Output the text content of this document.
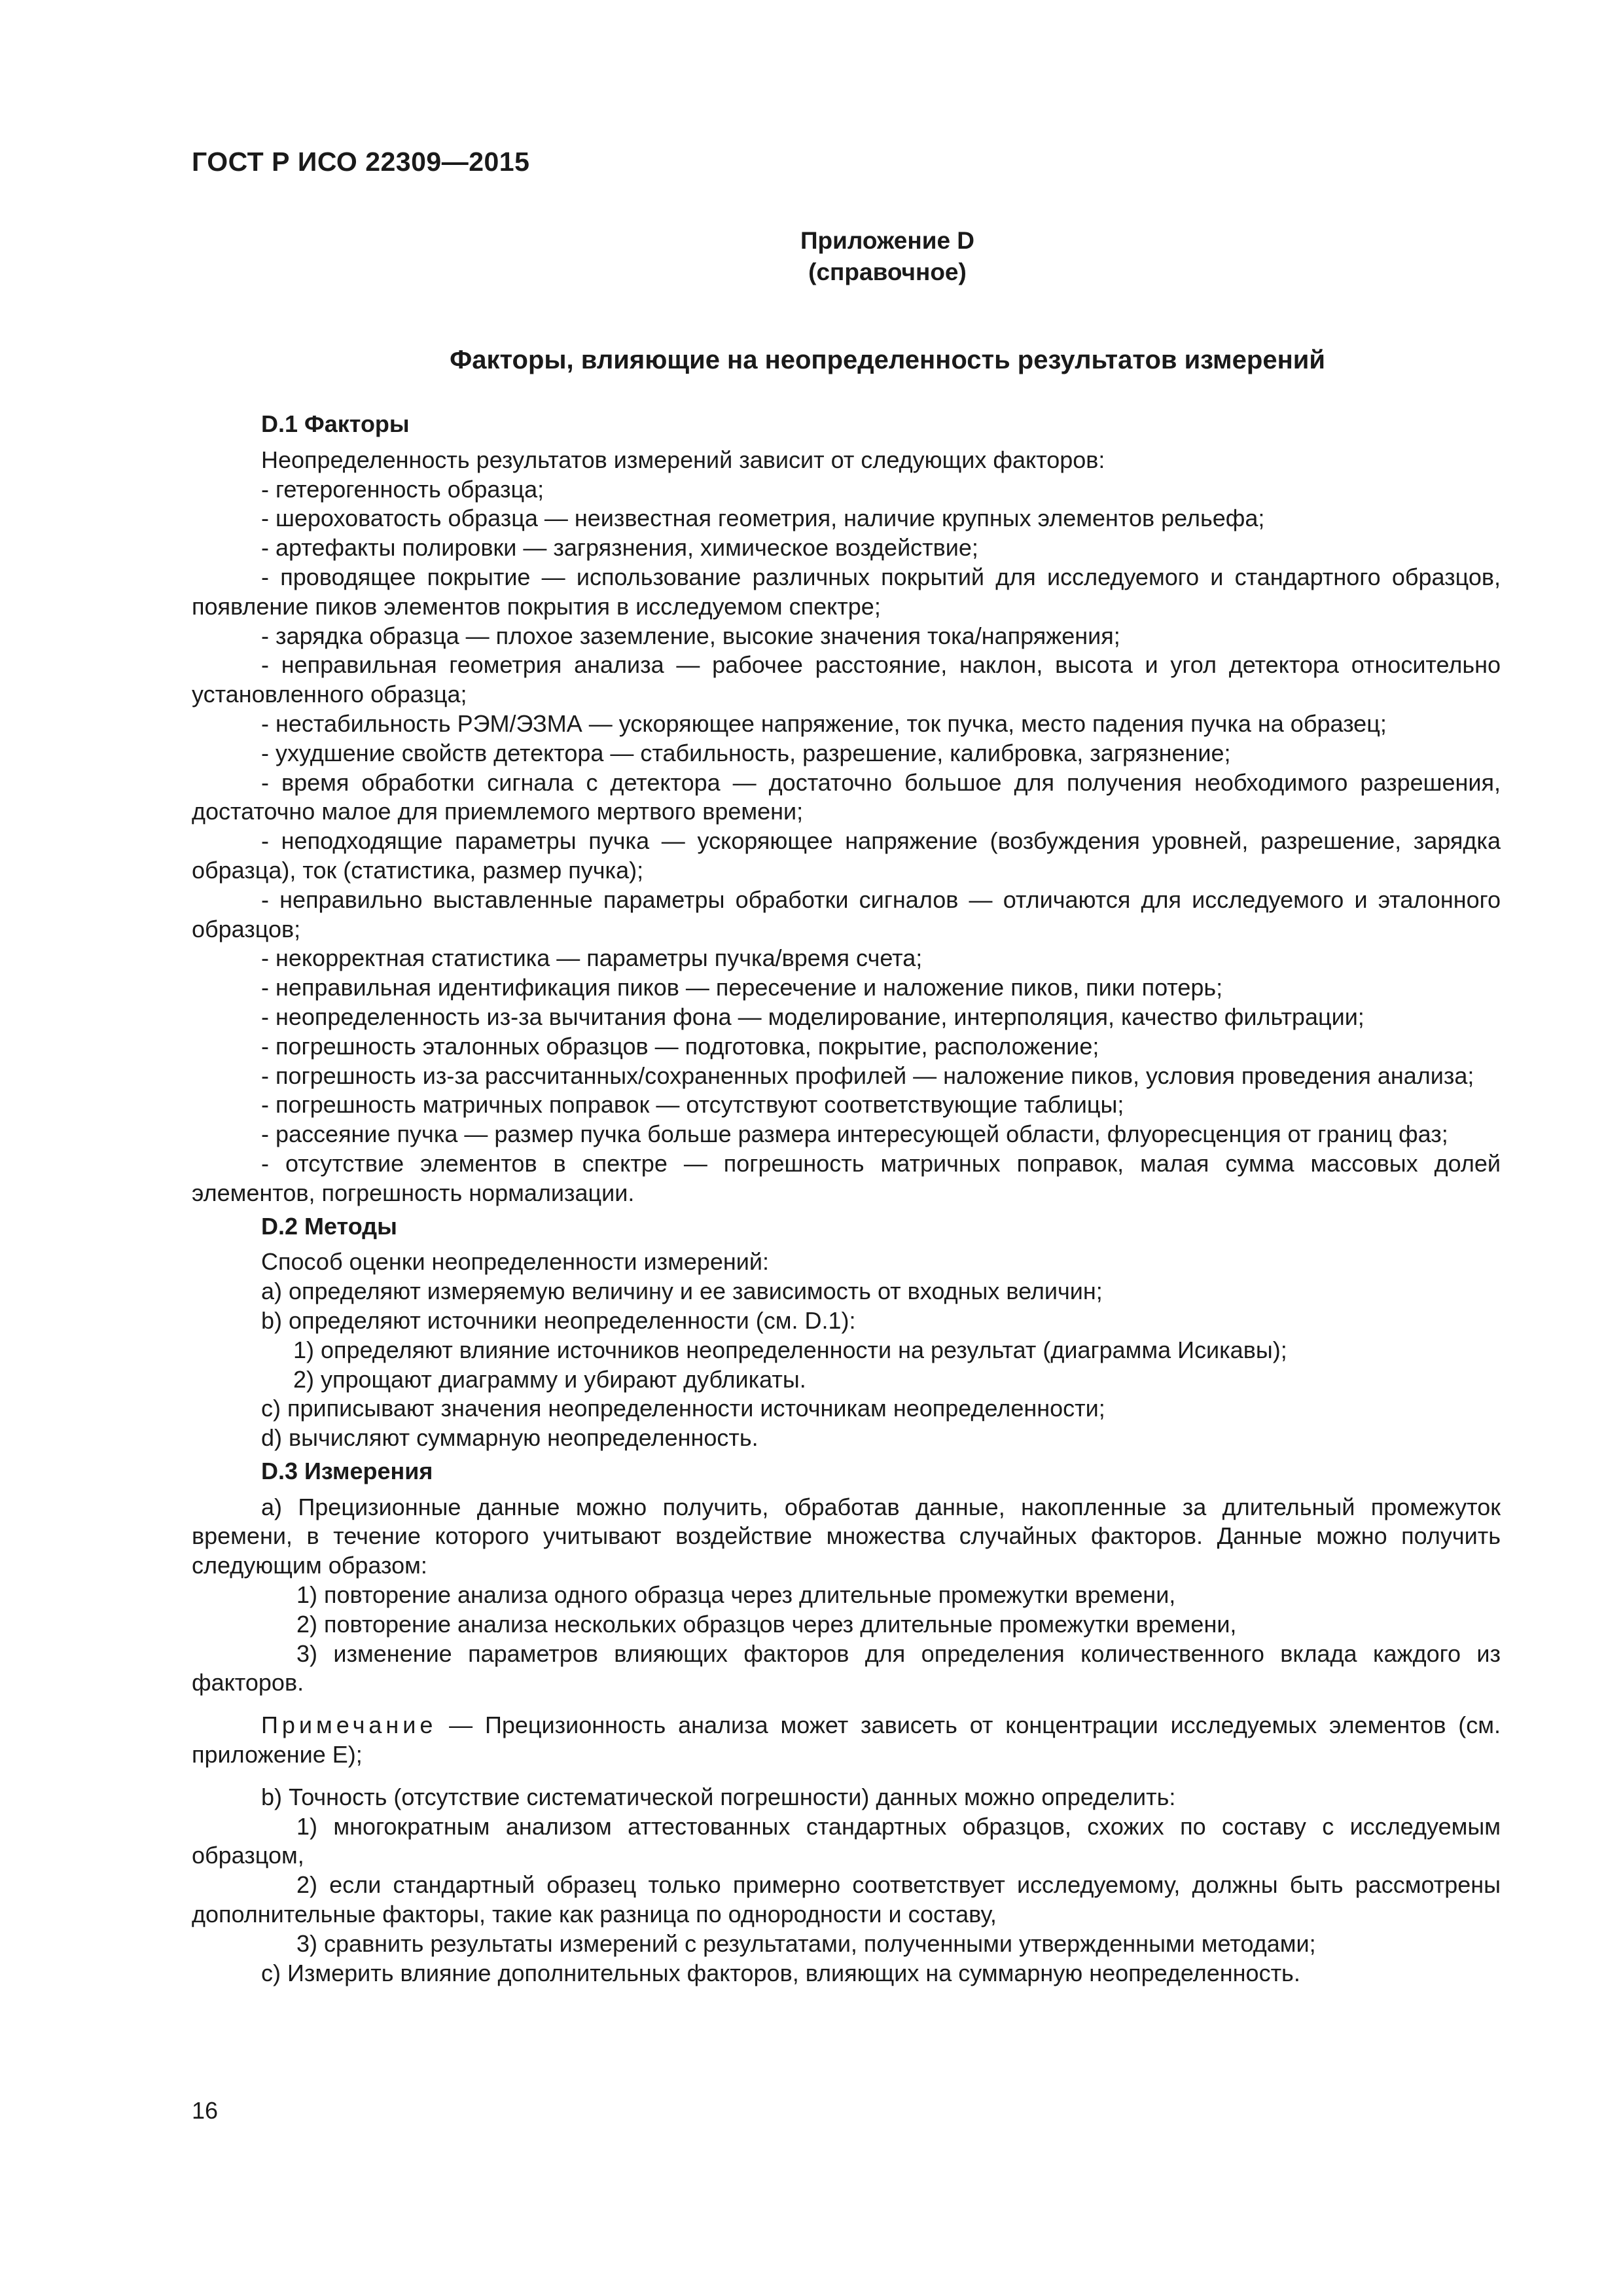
ГОСТ Р ИСО 22309—2015
Приложение D
(справочное)
Факторы, влияющие на неопределенность результатов измерений

D.1 Факторы

Неопределенность результатов измерений зависит от следующих факторов:

- гетерогенность образца;

- шероховатость образца — неизвестная геометрия, наличие крупных элементов рельефа;

- артефакты полировки — загрязнения, химическое воздействие;

- проводящее покрытие — использование различных покрытий для исследуемого и стандартного образцов, появление пиков элементов покрытия в исследуемом спектре;

- зарядка образца — плохое заземление, высокие значения тока/напряжения;

- неправильная геометрия анализа — рабочее расстояние, наклон, высота и угол детектора относительно установленного образца;

- нестабильность РЭМ/ЭЗМА — ускоряющее напряжение, ток пучка, место падения пучка на образец;

- ухудшение свойств детектора — стабильность, разрешение, калибровка, загрязнение;

- время обработки сигнала с детектора — достаточно большое для получения необходимого разрешения, достаточно малое для приемлемого мертвого времени;

- неподходящие параметры пучка — ускоряющее напряжение (возбуждения уровней, разрешение, зарядка образца), ток (статистика, размер пучка);

- неправильно выставленные параметры обработки сигналов — отличаются для исследуемого и эталонного образцов;

- некорректная статистика — параметры пучка/время счета;

- неправильная идентификация пиков — пересечение и наложение пиков, пики потерь;

- неопределенность из-за вычитания фона — моделирование, интерполяция, качество фильтрации;

- погрешность эталонных образцов — подготовка, покрытие, расположение;

- погрешность из-за рассчитанных/сохраненных профилей — наложение пиков, условия проведения анализа;

- погрешность матричных поправок — отсутствуют соответствующие таблицы;

- рассеяние пучка — размер пучка больше размера интересующей области, флуоресценция от границ фаз;

- отсутствие элементов в спектре — погрешность матричных поправок, малая сумма массовых долей элементов, погрешность нормализации.

D.2 Методы

Способ оценки неопределенности измерений:

a) определяют измеряемую величину и ее зависимость от входных величин;

b) определяют источники неопределенности (см. D.1):

1) определяют влияние источников неопределенности на результат (диаграмма Исикавы);

2) упрощают диаграмму и убирают дубликаты.

c) приписывают значения неопределенности источникам неопределенности;

d) вычисляют суммарную неопределенность.

D.3 Измерения

a) Прецизионные данные можно получить, обработав данные, накопленные за длительный промежуток времени, в течение которого учитывают воздействие множества случайных факторов. Данные можно получить следующим образом:

1) повторение анализа одного образца через длительные промежутки времени,

2) повторение анализа нескольких образцов через длительные промежутки времени,

3) изменение параметров влияющих факторов для определения количественного вклада каждого из факторов.

Примечание — Прецизионность анализа может зависеть от концентрации исследуемых элементов (см. приложение E);

b) Точность (отсутствие систематической погрешности) данных можно определить:

1) многократным анализом аттестованных стандартных образцов, схожих по составу с исследуемым образцом,

2) если стандартный образец только примерно соответствует исследуемому, должны быть рассмотрены дополнительные факторы, такие как разница по однородности и составу,

3) сравнить результаты измерений с результатами, полученными утвержденными методами;

c) Измерить влияние дополнительных факторов, влияющих на суммарную неопределенность.

16
